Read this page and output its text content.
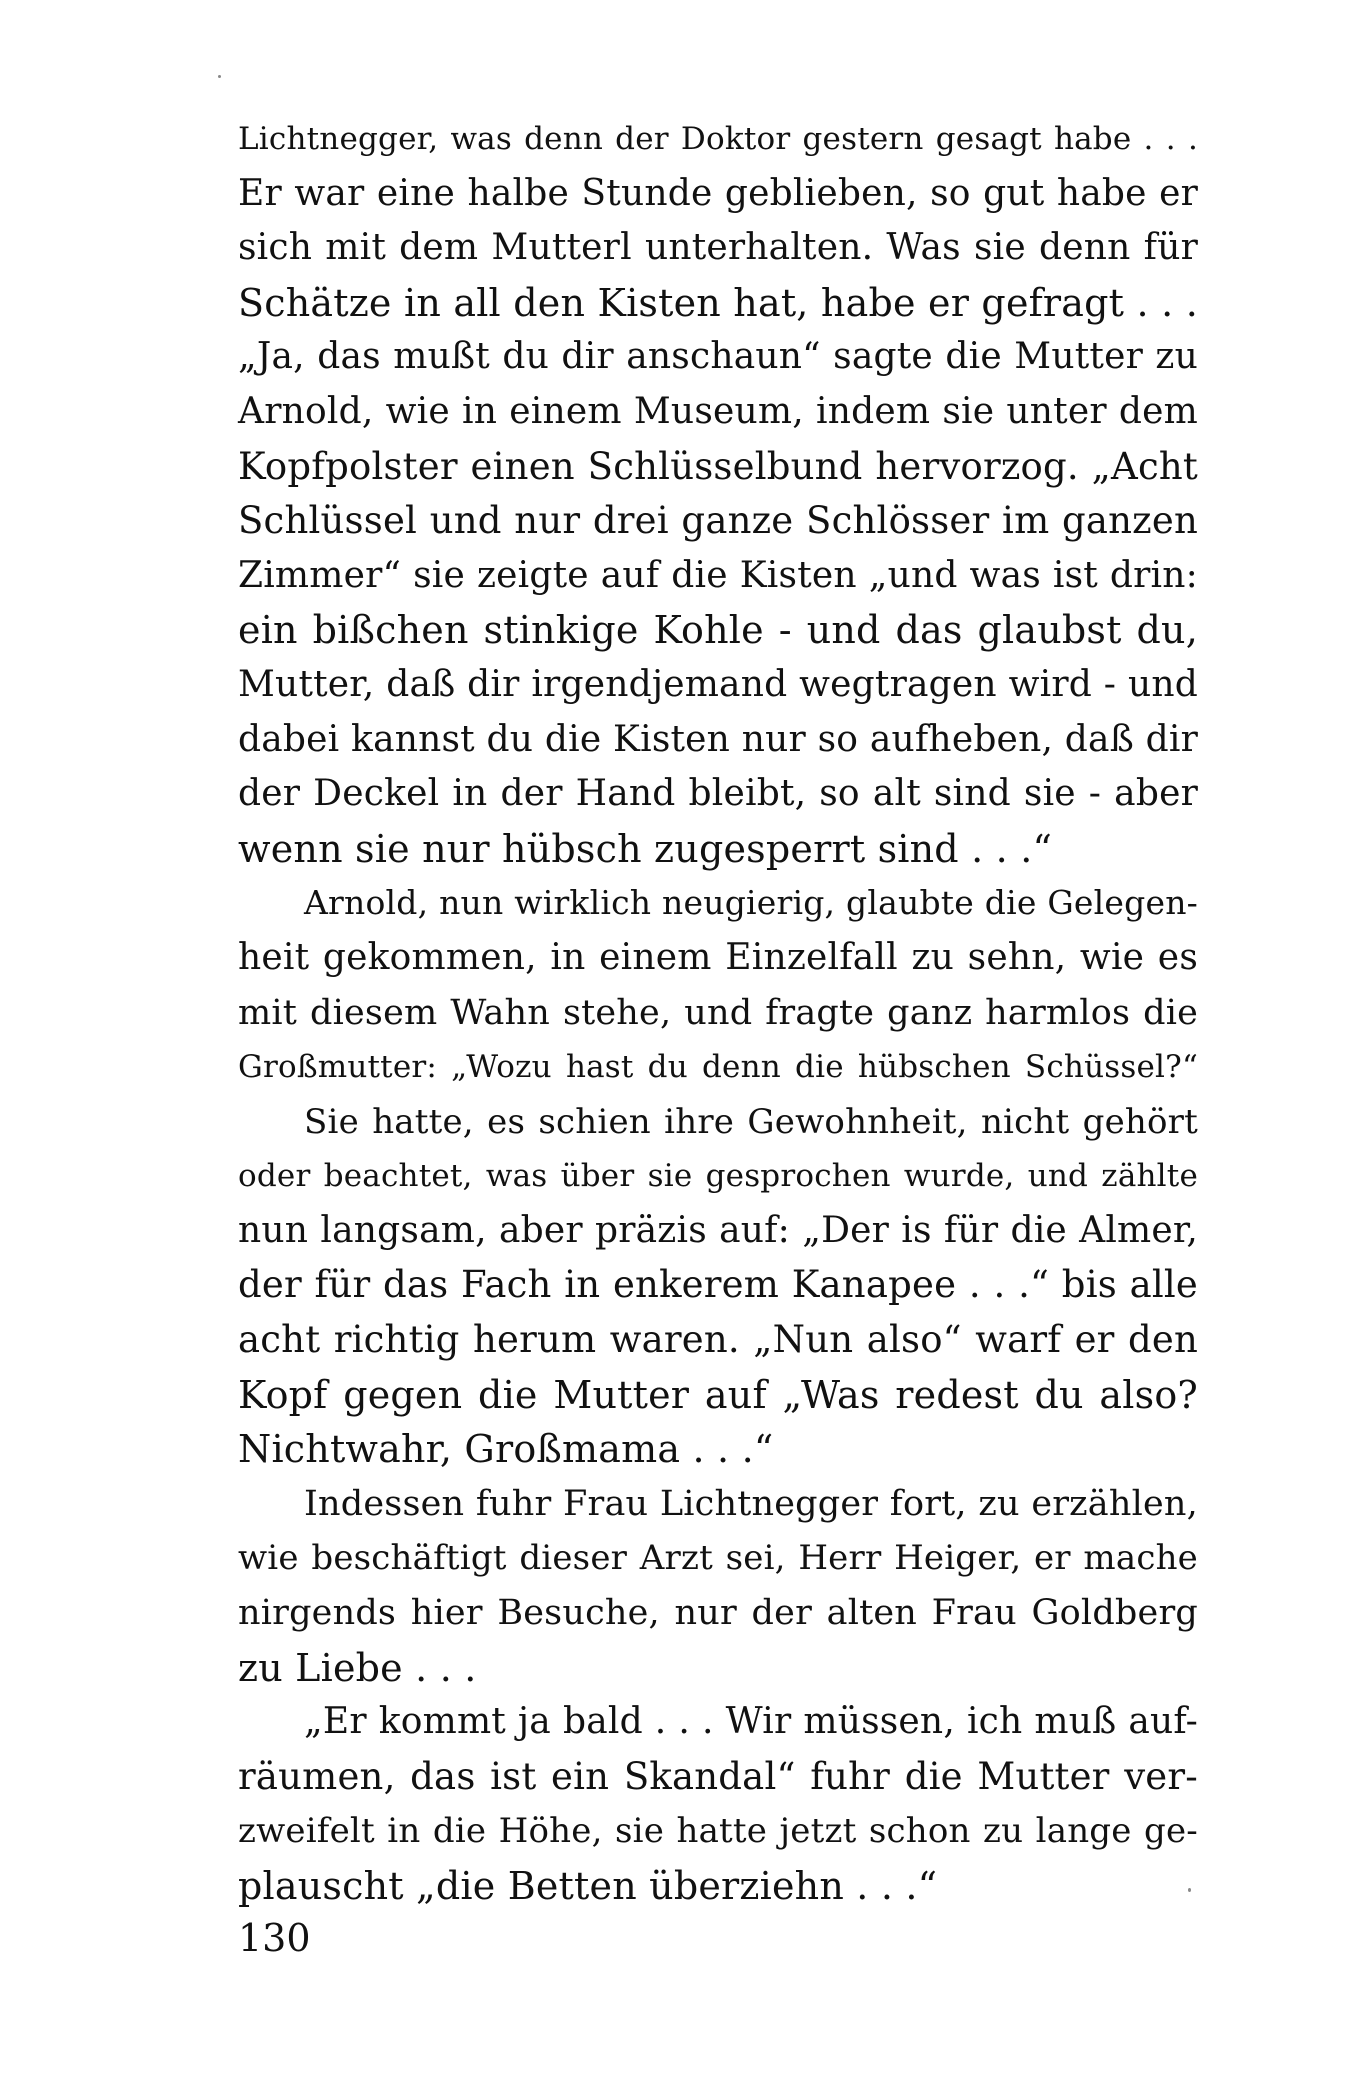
Lichtnegger, was denn der Doktor gestern gesagt habe . . .
Er war eine halbe Stunde geblieben, so gut habe er
sich mit dem Mutterl unterhalten. Was sie denn für
Schätze in all den Kisten hat, habe er gefragt . . .
„Ja, das mußt du dir anschaun“ sagte die Mutter zu
Arnold, wie in einem Museum, indem sie unter dem
Kopfpolster einen Schlüsselbund hervorzog. „Acht
Schlüssel und nur drei ganze Schlösser im ganzen
Zimmer“ sie zeigte auf die Kisten „und was ist drin:
ein bißchen stinkige Kohle - und das glaubst du,
Mutter, daß dir irgendjemand wegtragen wird - und
dabei kannst du die Kisten nur so aufheben, daß dir
der Deckel in der Hand bleibt, so alt sind sie - aber
wenn sie nur hübsch zugesperrt sind . . .“
Arnold, nun wirklich neugierig, glaubte die Gelegen-
heit gekommen, in einem Einzelfall zu sehn, wie es
mit diesem Wahn stehe, und fragte ganz harmlos die
Großmutter: „Wozu hast du denn die hübschen Schüssel?“
Sie hatte, es schien ihre Gewohnheit, nicht gehört
oder beachtet, was über sie gesprochen wurde, und zählte
nun langsam, aber präzis auf: „Der is für die Almer,
der für das Fach in enkerem Kanapee . . .“ bis alle
acht richtig herum waren. „Nun also“ warf er den
Kopf gegen die Mutter auf „Was redest du also?
Nichtwahr, Großmama . . .“
Indessen fuhr Frau Lichtnegger fort, zu erzählen,
wie beschäftigt dieser Arzt sei, Herr Heiger, er mache
nirgends hier Besuche, nur der alten Frau Goldberg
zu Liebe . . .
„Er kommt ja bald . . . Wir müssen, ich muß auf-
räumen, das ist ein Skandal“ fuhr die Mutter ver-
zweifelt in die Höhe, sie hatte jetzt schon zu lange ge-
plauscht „die Betten überziehn . . .“
130
